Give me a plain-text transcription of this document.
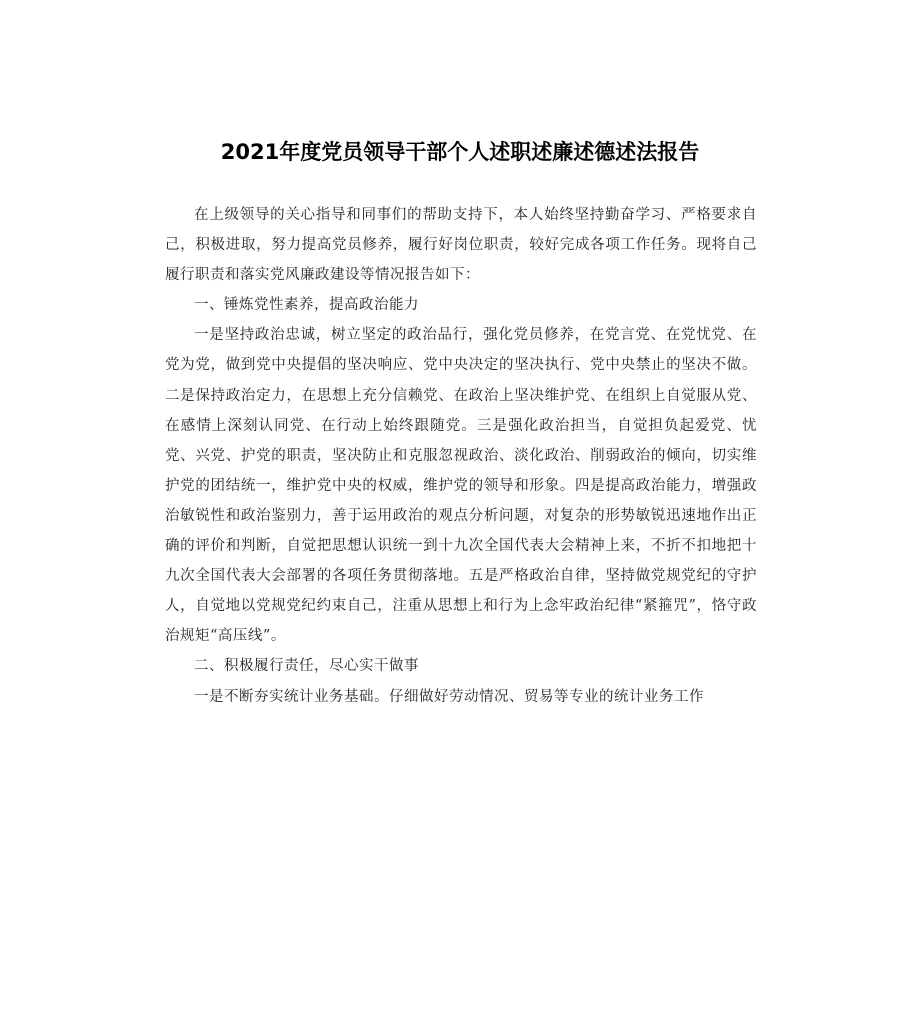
2021年度党员领导干部个人述职述廉述德述法报告

在上级领导的关心指导和同事们的帮助支持下，本人始终坚持勤奋学习、严格要求自己，积极进取，努力提高党员修养，履行好岗位职责，较好完成各项工作任务。现将自己履行职责和落实党风廉政建设等情况报告如下：

一、锤炼党性素养，提高政治能力

一是坚持政治忠诚，树立坚定的政治品行，强化党员修养，在党言党、在党忧党、在党为党，做到党中央提倡的坚决响应、党中央决定的坚决执行、党中央禁止的坚决不做。二是保持政治定力，在思想上充分信赖党、在政治上坚决维护党、在组织上自觉服从党、在感情上深刻认同党、在行动上始终跟随党。三是强化政治担当，自觉担负起爱党、忧党、兴党、护党的职责，坚决防止和克服忽视政治、淡化政治、削弱政治的倾向，切实维护党的团结统一，维护党中央的权威，维护党的领导和形象。四是提高政治能力，增强政治敏锐性和政治鉴别力，善于运用政治的观点分析问题，对复杂的形势敏锐迅速地作出正确的评价和判断，自觉把思想认识统一到十九次全国代表大会精神上来，不折不扣地把十九次全国代表大会部署的各项任务贯彻落地。五是严格政治自律，坚持做党规党纪的守护人，自觉地以党规党纪约束自己，注重从思想上和行为上念牢政治纪律“紧箍咒”，恪守政治规矩“高压线”。

二、积极履行责任，尽心实干做事

一是不断夯实统计业务基础。仔细做好劳动情况、贸易等专业的统计业务工作
